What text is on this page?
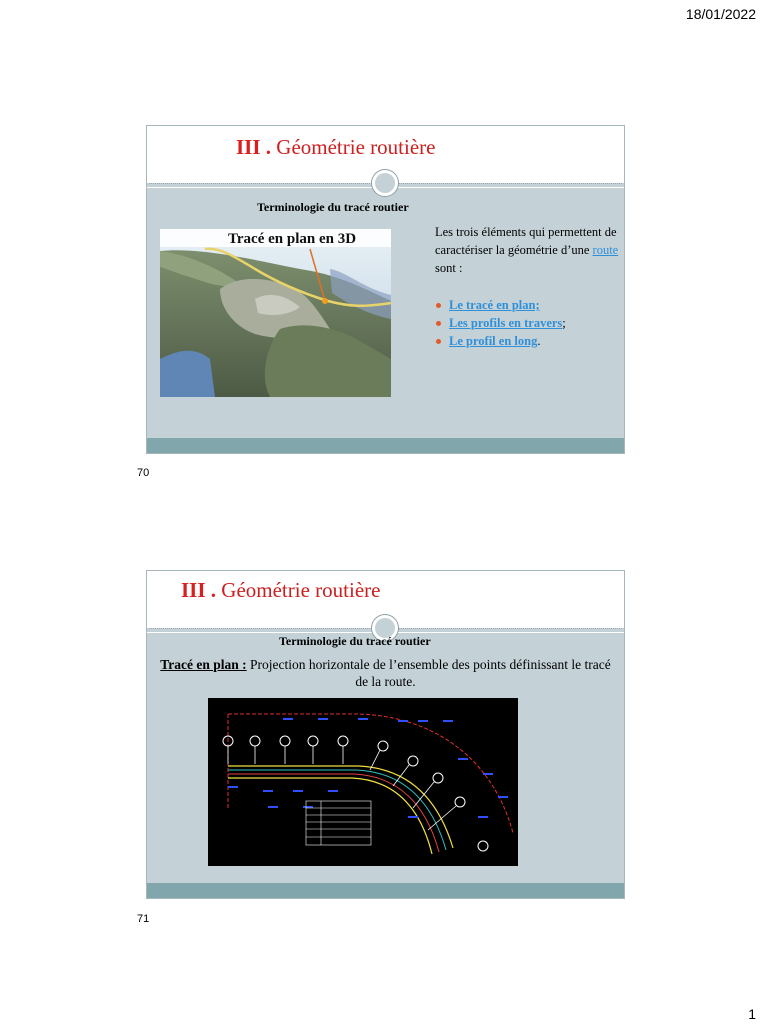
18/01/2022
III . Géométrie routière
Terminologie du tracé routier
Tracé en plan en 3D	Les trois éléments qui permettent de caractériser la géométrie d’une route sont :
Le tracé en plan;
Les profils en travers;
Le profil en long.
70
III . Géométrie routière
Terminologie du tracé routier
Tracé en plan : Projection horizontale de l’ensemble des points définissant le tracé de la route.
71
1
